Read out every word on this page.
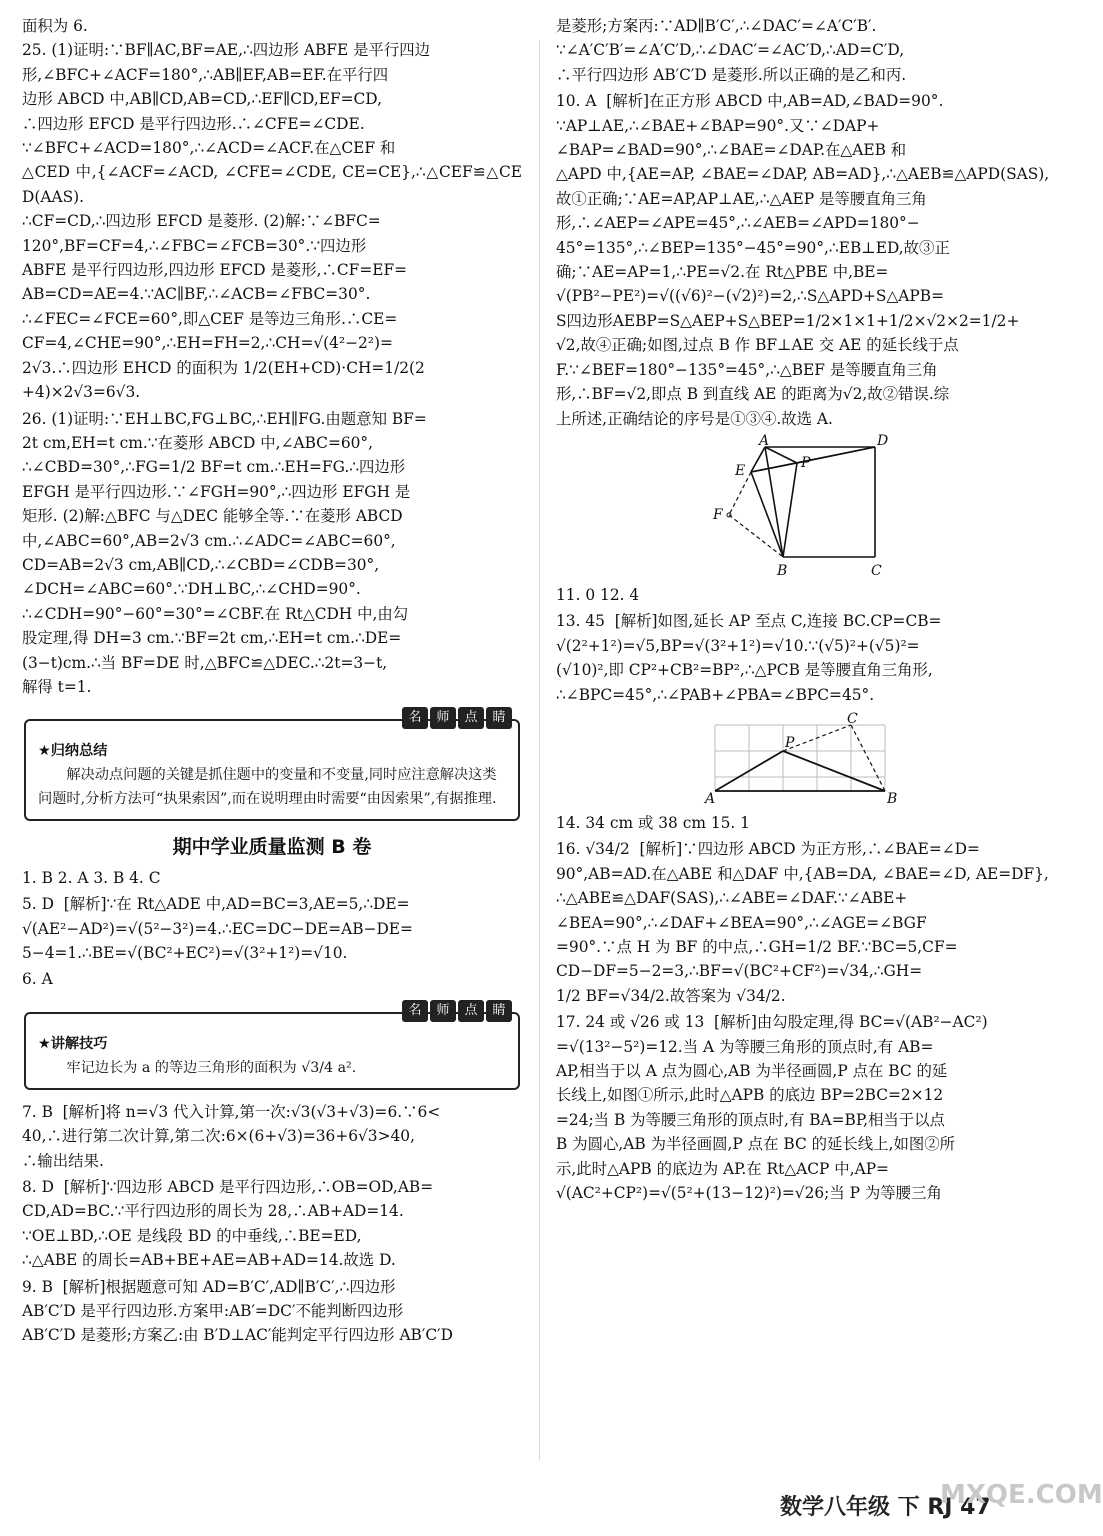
面积为 6.
25. (1)证明:∵BF∥AC,BF=AE,∴四边形 ABFE 是平行四边
形,∠BFC+∠ACF=180°,∴AB∥EF,AB=EF.在平行四
边形 ABCD 中,AB∥CD,AB=CD,∴EF∥CD,EF=CD,
∴四边形 EFCD 是平行四边形.∴∠CFE=∠CDE.
∵∠BFC+∠ACD=180°,∴∠ACD=∠ACF.在△CEF 和
△CED 中,{∠ACF=∠ACD, ∠CFE=∠CDE, CE=CE},∴△CEF≌△CED(AAS).
∴CF=CD,∴四边形 EFCD 是菱形. (2)解:∵∠BFC=
120°,BF=CF=4,∴∠FBC=∠FCB=30°.∵四边形
ABFE 是平行四边形,四边形 EFCD 是菱形,∴CF=EF=
AB=CD=AE=4.∵AC∥BF,∴∠ACB=∠FBC=30°.
∴∠FEC=∠FCE=60°,即△CEF 是等边三角形.∴CE=
CF=4,∠CHE=90°,∴EH=FH=2,∴CH=√(4²−2²)=
2√3.∴四边形 EHCD 的面积为 1/2(EH+CD)·CH=1/2(2
+4)×2√3=6√3.
26. (1)证明:∵EH⊥BC,FG⊥BC,∴EH∥FG.由题意知 BF=
2t cm,EH=t cm.∵在菱形 ABCD 中,∠ABC=60°,
∴∠CBD=30°,∴FG=1/2 BF=t cm.∴EH=FG.∴四边形
EFGH 是平行四边形.∵∠FGH=90°,∴四边形 EFGH 是
矩形. (2)解:△BFC 与△DEC 能够全等.∵在菱形 ABCD
中,∠ABC=60°,AB=2√3 cm.∴∠ADC=∠ABC=60°,
CD=AB=2√3 cm,AB∥CD,∴∠CBD=∠CDB=30°,
∠DCH=∠ABC=60°.∵DH⊥BC,∴∠CHD=90°.
∴∠CDH=90°−60°=30°=∠CBF.在 Rt△CDH 中,由勾
股定理,得 DH=3 cm.∵BF=2t cm,∴EH=t cm.∴DE=
(3−t)cm.∴当 BF=DE 时,△BFC≌△DEC.∴2t=3−t,
解得 t=1.
名	师	点	睛
★归纳总结
解决动点问题的关键是抓住题中的变量和不变量,同时应注意解决这类问题时,分析方法可“执果索因”,而在说明理由时需要“由因索果”,有据推理.
期中学业质量监测 B 卷
1. B 2. A 3. B 4. C
5. D  [解析]∵在 Rt△ADE 中,AD=BC=3,AE=5,∴DE=
√(AE²−AD²)=√(5²−3²)=4.∴EC=DC−DE=AB−DE=
5−4=1.∴BE=√(BC²+EC²)=√(3²+1²)=√10.
6. A
名	师	点	睛
★讲解技巧
牢记边长为 a 的等边三角形的面积为 √3/4 a².
7. B  [解析]将 n=√3 代入计算,第一次:√3(√3+√3)=6.∵6<
40,∴进行第二次计算,第二次:6×(6+√3)=36+6√3>40,
∴输出结果.
8. D  [解析]∵四边形 ABCD 是平行四边形,∴OB=OD,AB=
CD,AD=BC.∵平行四边形的周长为 28,∴AB+AD=14.
∵OE⊥BD,∴OE 是线段 BD 的中垂线,∴BE=ED,
∴△ABE 的周长=AB+BE+AE=AB+AD=14.故选 D.
9. B  [解析]根据题意可知 AD=B′C′,AD∥B′C′,∴四边形
AB′C′D 是平行四边形.方案甲:AB′=DC′不能判断四边形
AB′C′D 是菱形;方案乙:由 B′D⊥AC′能判定平行四边形 AB′C′D
是菱形;方案丙:∵AD∥B′C′,∴∠DAC′=∠A′C′B′.
∵∠A′C′B′=∠A′C′D,∴∠DAC′=∠AC′D,∴AD=C′D,
∴平行四边形 AB′C′D 是菱形.所以正确的是乙和丙.
10. A  [解析]在正方形 ABCD 中,AB=AD,∠BAD=90°.
∵AP⊥AE,∴∠BAE+∠BAP=90°.又∵∠DAP+
∠BAP=∠BAD=90°,∴∠BAE=∠DAP.在△AEB 和
△APD 中,{AE=AP, ∠BAE=∠DAP, AB=AD},∴△AEB≌△APD(SAS),
故①正确;∵AE=AP,AP⊥AE,∴△AEP 是等腰直角三角
形,∴∠AEP=∠APE=45°,∴∠AEB=∠APD=180°−
45°=135°,∴∠BEP=135°−45°=90°,∴EB⊥ED,故③正
确;∵AE=AP=1,∴PE=√2.在 Rt△PBE 中,BE=
√(PB²−PE²)=√((√6)²−(√2)²)=2,∴S△APD+S△APB=
S四边形AEBP=S△AEP+S△BEP=1/2×1×1+1/2×√2×2=1/2+
√2,故④正确;如图,过点 B 作 BF⊥AE 交 AE 的延长线于点
F.∵∠BEF=180°−135°=45°,∴△BEF 是等腰直角三角
形,∴BF=√2,即点 B 到直线 AE 的距离为√2,故②错误.综
上所述,正确结论的序号是①③④.故选 A.
A	D
E	P
F
B	C
11. 0 12. 4
13. 45  [解析]如图,延长 AP 至点 C,连接 BC.CP=CB=
√(2²+1²)=√5,BP=√(3²+1²)=√10.∵(√5)²+(√5)²=
(√10)²,即 CP²+CB²=BP²,∴△PCB 是等腰直角三角形,
∴∠BPC=45°,∴∠PAB+∠PBA=∠BPC=45°.
A	B
C
P
14. 34 cm 或 38 cm 15. 1
16. √34/2  [解析]∵四边形 ABCD 为正方形,∴∠BAE=∠D=
90°,AB=AD.在△ABE 和△DAF 中,{AB=DA, ∠BAE=∠D, AE=DF},
∴△ABE≌△DAF(SAS),∴∠ABE=∠DAF.∵∠ABE+
∠BEA=90°,∴∠DAF+∠BEA=90°,∴∠AGE=∠BGF
=90°.∵点 H 为 BF 的中点,∴GH=1/2 BF.∵BC=5,CF=
CD−DF=5−2=3,∴BF=√(BC²+CF²)=√34,∴GH=
1/2 BF=√34/2.故答案为 √34/2.
17. 24 或 √26 或 13  [解析]由勾股定理,得 BC=√(AB²−AC²)
=√(13²−5²)=12.当 A 为等腰三角形的顶点时,有 AB=
AP,相当于以 A 点为圆心,AB 为半径画圆,P 点在 BC 的延
长线上,如图①所示,此时△APB 的底边 BP=2BC=2×12
=24;当 B 为等腰三角形的顶点时,有 BA=BP,相当于以点
B 为圆心,AB 为半径画圆,P 点在 BC 的延长线上,如图②所
示,此时△APB 的底边为 AP.在 Rt△ACP 中,AP=
√(AC²+CP²)=√(5²+(13−12)²)=√26;当 P 为等腰三角
数学八年级 下 RJ 47
MXQE.COM
